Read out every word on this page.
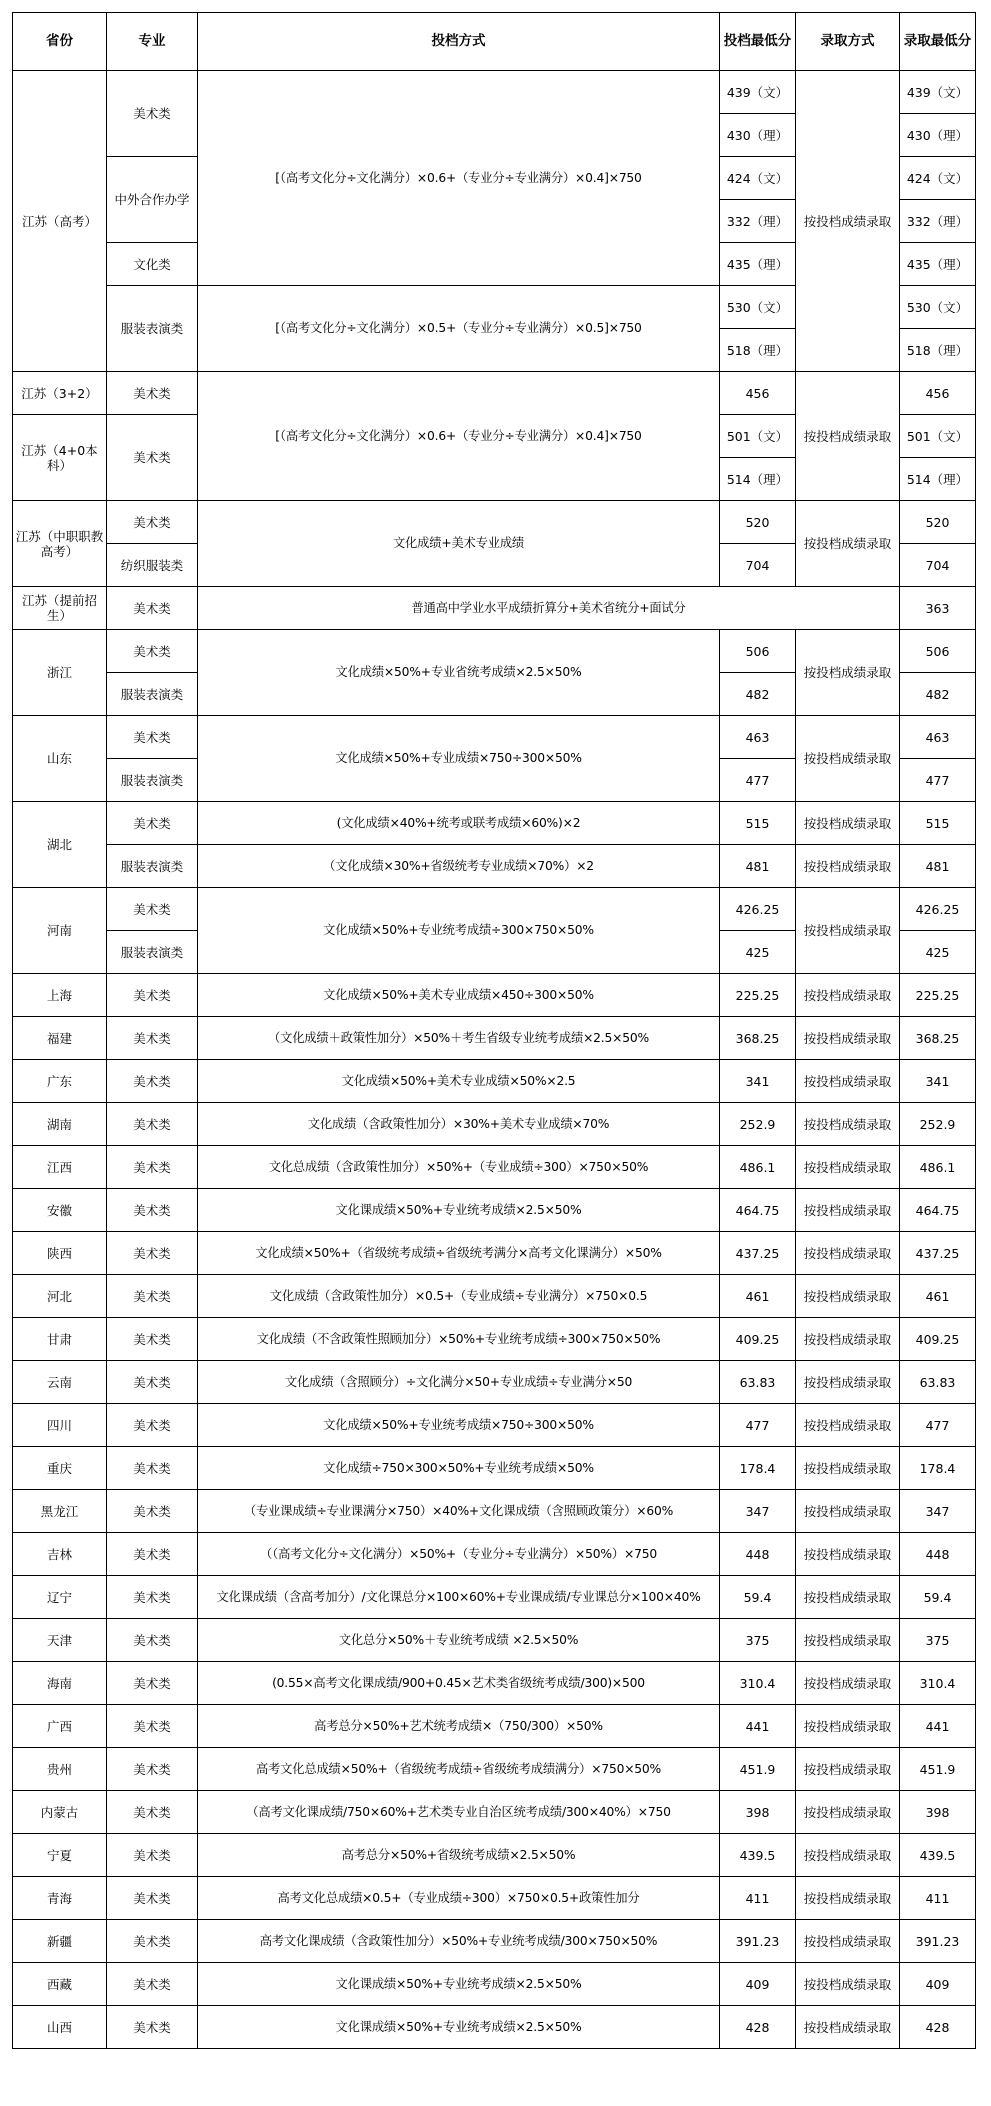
省份	专业	投档方式	投档最低分	录取方式	录取最低分
江苏（高考）	美术类	[（高考文化分÷文化满分）×0.6+（专业分÷专业满分）×0.4]×750	439（文）	按投档成绩录取	439（文）
			430（理）		430（理）
	中外合作办学		424（文）		424（文）
			332（理）		332（理）
	文化类		435（理）		435（理）
	服装表演类	[（高考文化分÷文化满分）×0.5+（专业分÷专业满分）×0.5]×750	530（文）		530（文）
			518（理）		518（理）
江苏（3+2）	美术类	[（高考文化分÷文化满分）×0.6+（专业分÷专业满分）×0.4]×750	456	按投档成绩录取	456
江苏（4+0本科）	美术类		501（文）		501（文）
			514（理）		514（理）
江苏（中职职教高考）	美术类	文化成绩+美术专业成绩	520	按投档成绩录取	520
	纺织服装类		704		704
江苏（提前招生）	美术类	普通高中学业水平成绩折算分+美术省统分+面试分			363
浙江	美术类	文化成绩×50%+专业省统考成绩×2.5×50%	506	按投档成绩录取	506
	服装表演类		482		482
山东	美术类	文化成绩×50%+专业成绩×750÷300×50%	463	按投档成绩录取	463
	服装表演类		477		477
湖北	美术类	(文化成绩×40%+统考或联考成绩×60%)×2	515	按投档成绩录取	515
	服装表演类	（文化成绩×30%+省级统考专业成绩×70%）×2	481	按投档成绩录取	481
河南	美术类	文化成绩×50%+专业统考成绩÷300×750×50%	426.25	按投档成绩录取	426.25
	服装表演类		425		425
上海	美术类	文化成绩×50%+美术专业成绩×450÷300×50%	225.25	按投档成绩录取	225.25
福建	美术类	（文化成绩＋政策性加分）×50%＋考生省级专业统考成绩×2.5×50%	368.25	按投档成绩录取	368.25
广东	美术类	文化成绩×50%+美术专业成绩×50%×2.5	341	按投档成绩录取	341
湖南	美术类	文化成绩（含政策性加分）×30%+美术专业成绩×70%	252.9	按投档成绩录取	252.9
江西	美术类	文化总成绩（含政策性加分）×50%+（专业成绩÷300）×750×50%	486.1	按投档成绩录取	486.1
安徽	美术类	文化课成绩×50%+专业统考成绩×2.5×50%	464.75	按投档成绩录取	464.75
陕西	美术类	文化成绩×50%+（省级统考成绩÷省级统考满分×高考文化课满分）×50%	437.25	按投档成绩录取	437.25
河北	美术类	文化成绩（含政策性加分）×0.5+（专业成绩÷专业满分）×750×0.5	461	按投档成绩录取	461
甘肃	美术类	文化成绩（不含政策性照顾加分）×50%+专业统考成绩÷300×750×50%	409.25	按投档成绩录取	409.25
云南	美术类	文化成绩（含照顾分）÷文化满分×50+专业成绩÷专业满分×50	63.83	按投档成绩录取	63.83
四川	美术类	文化成绩×50%+专业统考成绩×750÷300×50%	477	按投档成绩录取	477
重庆	美术类	文化成绩÷750×300×50%+专业统考成绩×50%	178.4	按投档成绩录取	178.4
黑龙江	美术类	（专业课成绩÷专业课满分×750）×40%+文化课成绩（含照顾政策分）×60%	347	按投档成绩录取	347
吉林	美术类	（（高考文化分÷文化满分）×50%+（专业分÷专业满分）×50%）×750	448	按投档成绩录取	448
辽宁	美术类	文化课成绩（含高考加分）/文化课总分×100×60%+专业课成绩/专业课总分×100×40%	59.4	按投档成绩录取	59.4
天津	美术类	文化总分×50%＋专业统考成绩 ×2.5×50%	375	按投档成绩录取	375
海南	美术类	(0.55×高考文化课成绩/900+0.45×艺术类省级统考成绩/300)×500	310.4	按投档成绩录取	310.4
广西	美术类	高考总分×50%+艺术统考成绩×（750/300）×50%	441	按投档成绩录取	441
贵州	美术类	高考文化总成绩×50%+（省级统考成绩÷省级统考成绩满分）×750×50%	451.9	按投档成绩录取	451.9
内蒙古	美术类	（高考文化课成绩/750×60%+艺术类专业自治区统考成绩/300×40%）×750	398	按投档成绩录取	398
宁夏	美术类	高考总分×50%+省级统考成绩×2.5×50%	439.5	按投档成绩录取	439.5
青海	美术类	高考文化总成绩×0.5+（专业成绩÷300）×750×0.5+政策性加分	411	按投档成绩录取	411
新疆	美术类	高考文化课成绩（含政策性加分）×50%+专业统考成绩/300×750×50%	391.23	按投档成绩录取	391.23
西藏	美术类	文化课成绩×50%+专业统考成绩×2.5×50%	409	按投档成绩录取	409
山西	美术类	文化课成绩×50%+专业统考成绩×2.5×50%	428	按投档成绩录取	428
